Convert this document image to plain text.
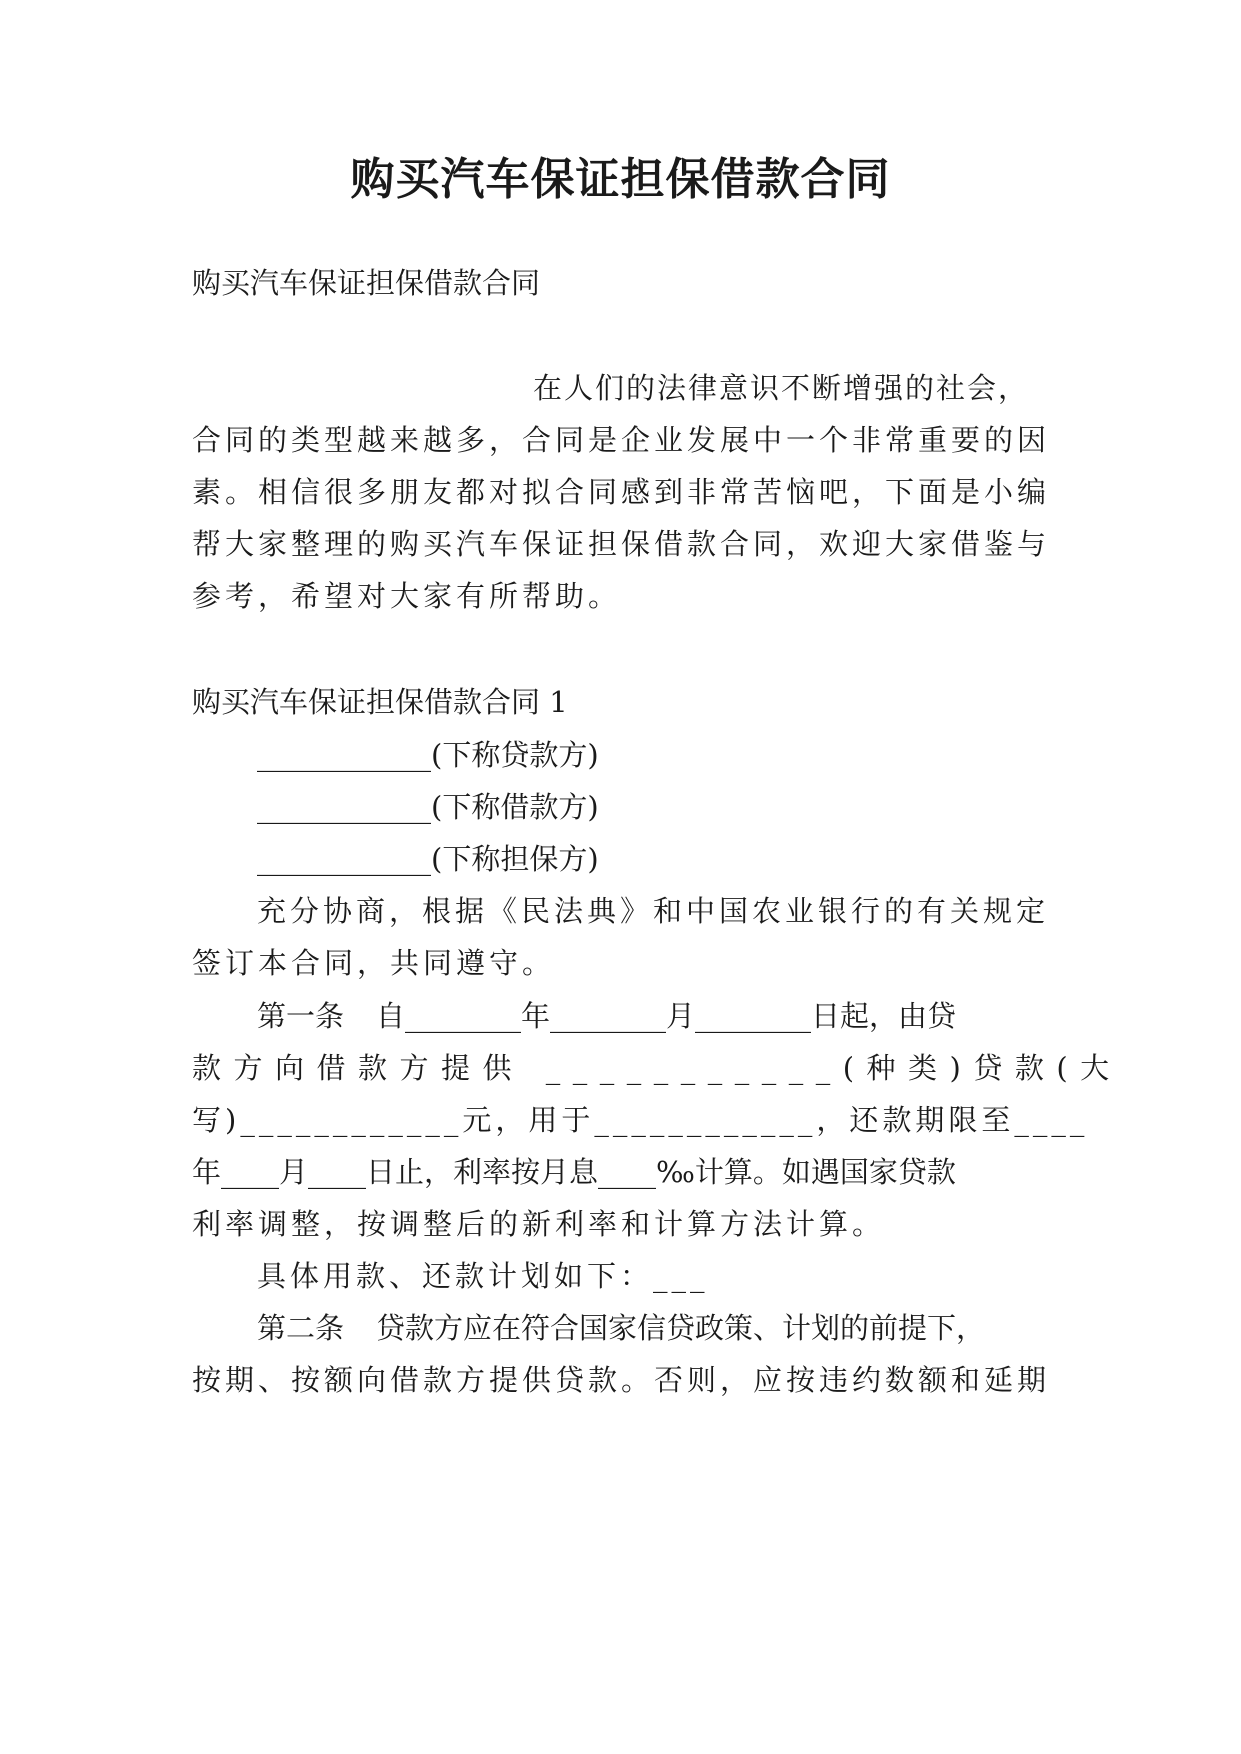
购买汽车保证担保借款合同
购买汽车保证担保借款合同
在人们的法律意识不断增强的社会，
合同的类型越来越多，合同是企业发展中一个非常重要的因
素。相信很多朋友都对拟合同感到非常苦恼吧，下面是小编
帮大家整理的购买汽车保证担保借款合同，欢迎大家借鉴与
参考，希望对大家有所帮助。
购买汽车保证担保借款合同 1
____________(下称贷款方)
____________(下称借款方)
____________(下称担保方)
充分协商，根据《民法典》和中国农业银行的有关规定
签订本合同，共同遵守。
第一条 自________年________月________日起，由贷
款方向借款方提供 ___________(种类)贷款(大
写)____________元，用于____________，还款期限至____
年____月____日止，利率按月息____‰计算。如遇国家贷款
利率调整，按调整后的新利率和计算方法计算。
具体用款、还款计划如下：___
第二条 贷款方应在符合国家信贷政策、计划的前提下，
按期、按额向借款方提供贷款。否则，应按违约数额和延期
